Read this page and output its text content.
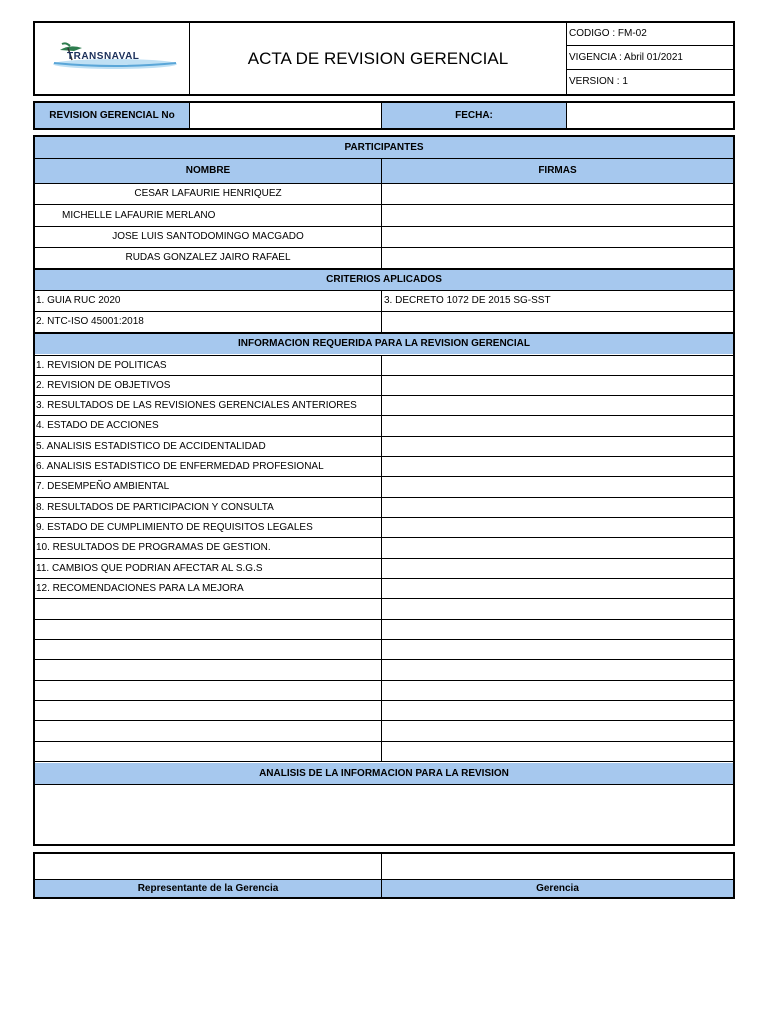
TRANSNAVAL	ACTA DE REVISION GERENCIAL
CODIGO : FM-02
VIGENCIA : Abril 01/2021
VERSION : 1
REVISION GERENCIAL No	FECHA:
PARTICIPANTES
NOMBRE	FIRMAS
CESAR LAFAURIE HENRIQUEZ
MICHELLE LAFAURIE MERLANO
JOSE LUIS SANTODOMINGO MACGADO
RUDAS GONZALEZ JAIRO RAFAEL
CRITERIOS APLICADOS
1. GUIA RUC 2020	3. DECRETO 1072 DE 2015 SG-SST
2. NTC-ISO 45001:2018
INFORMACION REQUERIDA PARA LA REVISION GERENCIAL
1. REVISION DE POLITICAS
2. REVISION DE OBJETIVOS
3. RESULTADOS DE LAS REVISIONES GERENCIALES ANTERIORES
4. ESTADO DE ACCIONES
5. ANALISIS ESTADISTICO DE ACCIDENTALIDAD
6. ANALISIS ESTADISTICO DE ENFERMEDAD PROFESIONAL
7. DESEMPEÑO AMBIENTAL
8. RESULTADOS DE PARTICIPACION Y CONSULTA
9. ESTADO DE CUMPLIMIENTO DE REQUISITOS LEGALES
10. RESULTADOS DE PROGRAMAS DE GESTION.
11. CAMBIOS QUE PODRIAN AFECTAR AL S.G.S
12. RECOMENDACIONES PARA LA MEJORA
ANALISIS DE LA INFORMACION PARA LA REVISION
Representante de la Gerencia	Gerencia
